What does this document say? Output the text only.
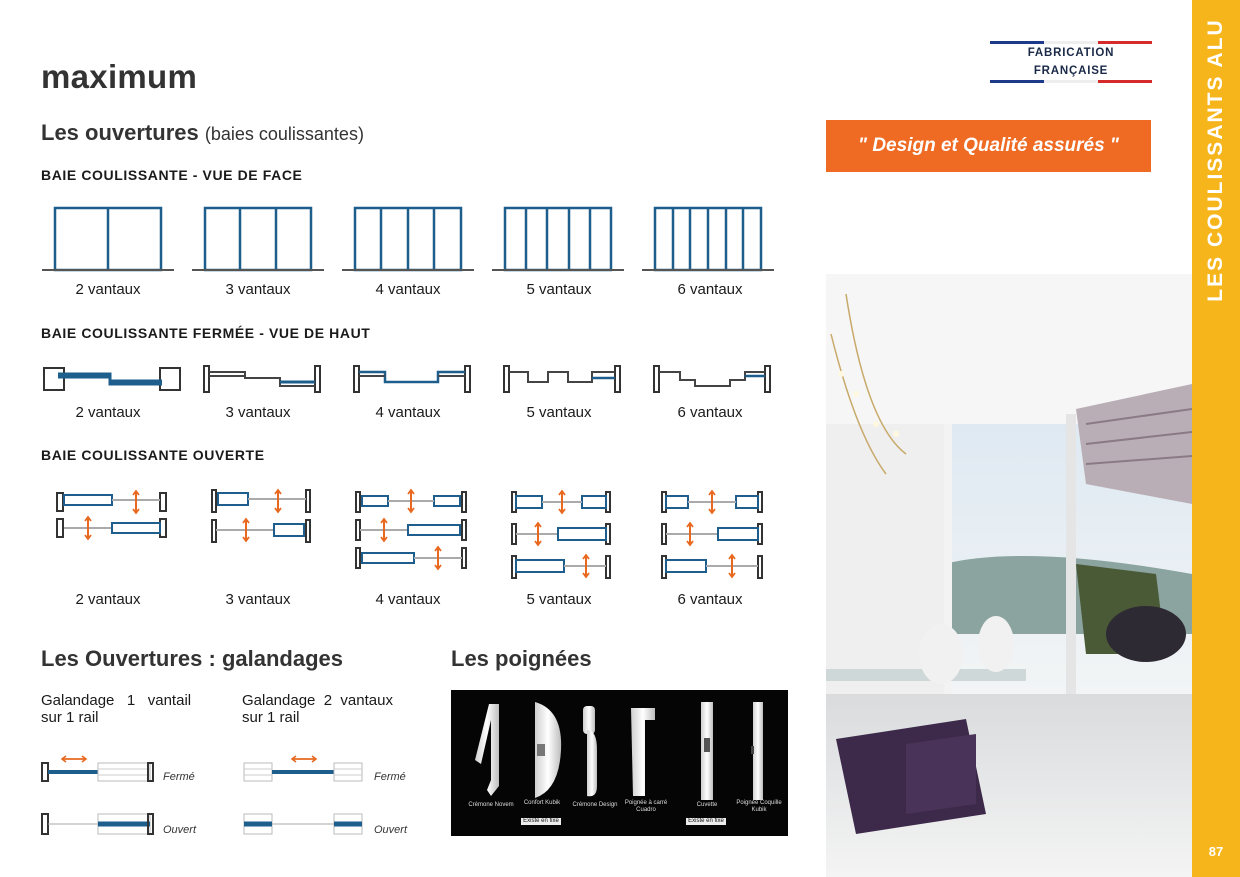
maximum
FABRICATION FRANÇAISE
" Design et Qualité assurés "	LES COULISSANTS ALU
87
Les ouvertures (baies coulissantes)
BAIE COULISSANTE - VUE DE FACE
2 vantaux	3 vantaux	4 vantaux	5 vantaux	6 vantaux
BAIE COULISSANTE FERMÉE - VUE DE HAUT
2 vantaux	3 vantaux	4 vantaux	5 vantaux	6 vantaux
BAIE COULISSANTE OUVERTE
2 vantaux	3 vantaux	4 vantaux	5 vantaux	6 vantaux
Les Ouvertures : galandages
Galandage   1   vantail
sur 1 rail
Galandage  2  vantaux
sur 1 rail
Fermé
Ouvert
Fermé
Ouvert
Les poignées
Crémone Novem	Confort Kubik	Crémone Design	Poignée à carré Cuadro
Cuvette	Poignée Coquille Kubik
Existe en fixe	Existe en fixe
